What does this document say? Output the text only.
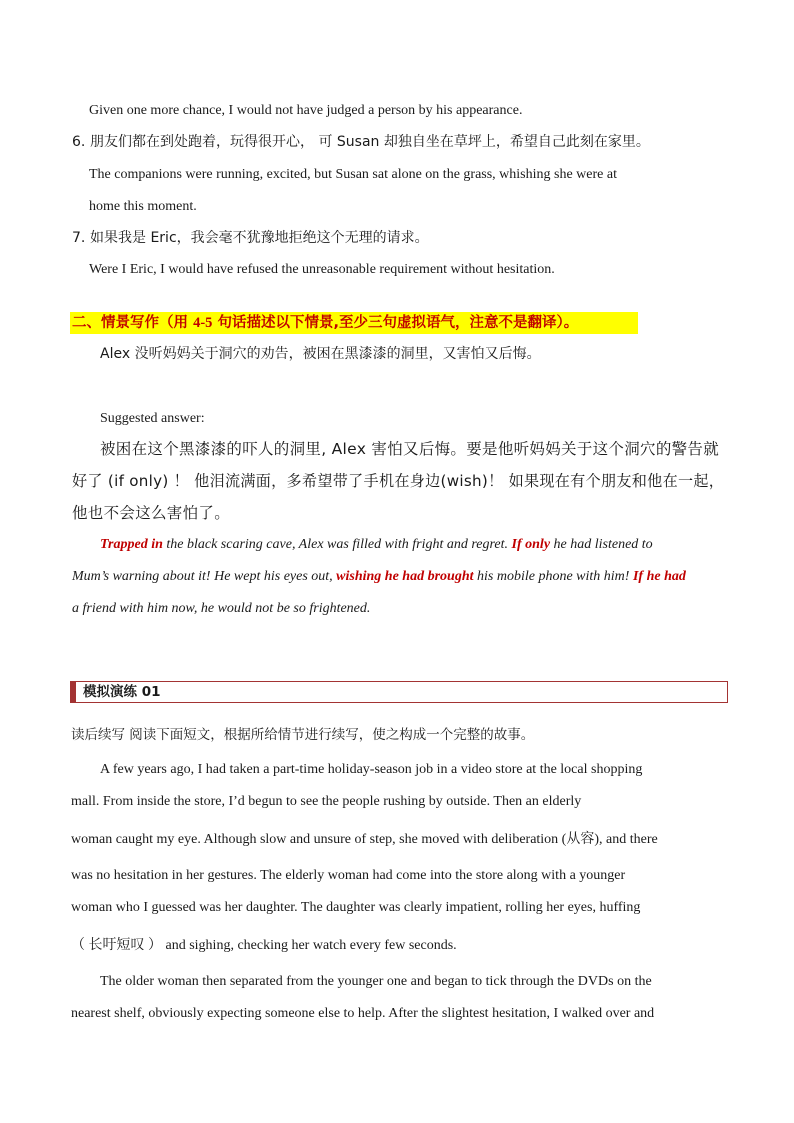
Given one more chance, I would not have judged a person by his appearance.
6. 朋友们都在到处跑着，玩得很开心， 可 Susan 却独自坐在草坪上，希望自己此刻在家里。
The companions were running, excited, but Susan sat alone on the grass, whishing she were at
home this moment.
7. 如果我是 Eric，我会毫不犹豫地拒绝这个无理的请求。
Were I Eric, I would have refused the unreasonable requirement without hesitation.
二、情景写作（用 4-5 句话描述以下情景,至少三句虚拟语气，注意不是翻译）。
Alex 没听妈妈关于洞穴的劝告，被困在黑漆漆的洞里，又害怕又后悔。
Suggested answer:
被困在这个黑漆漆的吓人的洞里, Alex 害怕又后悔。要是他听妈妈关于这个洞穴的警告就
好了 (if only) ！ 他泪流满面，多希望带了手机在身边(wish)！ 如果现在有个朋友和他在一起，
他也不会这么害怕了。
Trapped in the black scaring cave, Alex was filled with fright and regret. If only he had listened to
Mum’s warning about it! He wept his eyes out, wishing he had brought his mobile phone with him! If he had
a friend with him now, he would not be so frightened.
模拟演练 01
读后续写 阅读下面短文，根据所给情节进行续写，使之构成一个完整的故事。
A few years ago, I had taken a part-time holiday-season job in a video store at the local shopping
mall. From inside the store, I’d begun to see the people rushing by outside. Then an elderly
woman caught my eye. Although slow and unsure of step, she moved with deliberation (从容), and there
was no hesitation in her gestures. The elderly woman had come into the store along with a younger
woman who I guessed was her daughter. The daughter was clearly impatient, rolling her eyes, huffing
（ 长吁短叹 ） and sighing, checking her watch every few seconds.
The older woman then separated from the younger one and began to tick through the DVDs on the
nearest shelf, obviously expecting someone else to help. After the slightest hesitation, I walked over and
